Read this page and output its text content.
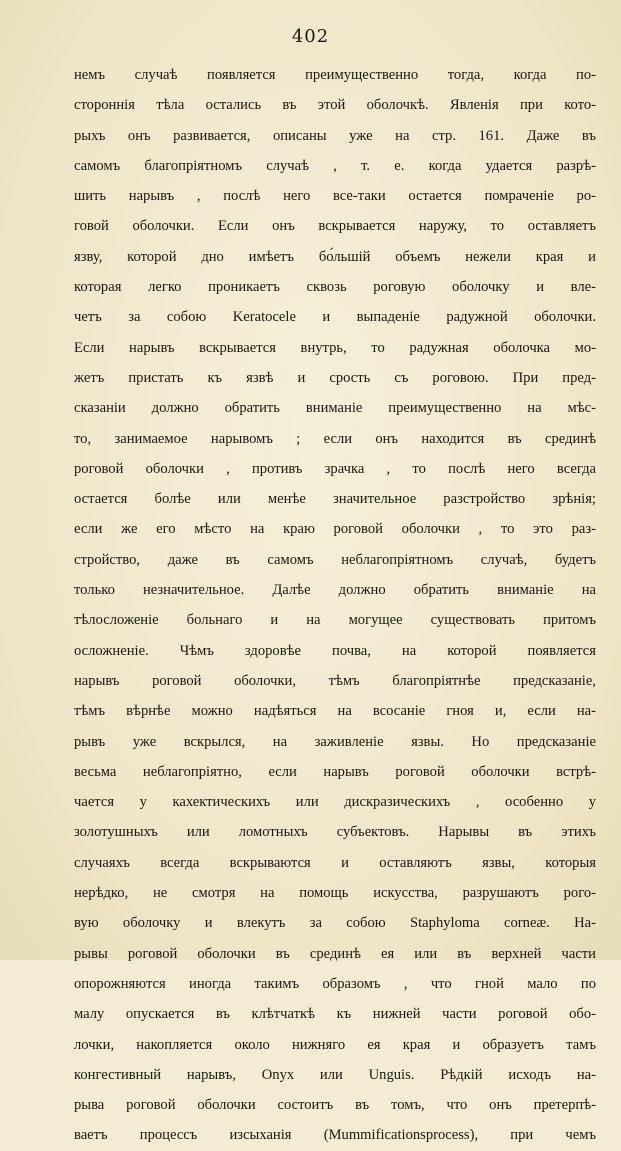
402
немъ случаѣ появляется преимущественно тогда, когда по-
стороннія тѣла остались въ этой оболочкѣ. Явленія при кото-
рыхъ онъ развивается, описаны уже на стр. 161. Даже въ
самомъ благопріятномъ случаѣ , т. е. когда удается разрѣ-
шить нарывъ , послѣ него все-таки остается помраченіе ро-
говой оболочки. Если онъ вскрывается наружу, то оставляетъ
язву, которой дно имѣетъ бо́льшій объемъ нежели края и
которая легко проникаетъ сквозь роговую оболочку и вле-
четъ за собою Keratocele и выпаденіе радужной оболочки.
Если нарывъ вскрывается внутрь, то радужная оболочка мо-
жетъ пристать къ язвѣ и срость съ роговою. При пред-
сказаніи должно обратить вниманіе преимущественно на мѣс-
то, занимаемое нарывомъ ; если онъ находится въ срединѣ
роговой оболочки , противъ зрачка , то послѣ него всегда
остается болѣе или менѣе значительное разстройство зрѣнія;
если же его мѣсто на краю роговой оболочки , то это раз-
стройство, даже въ самомъ неблагопріятномъ случаѣ, будетъ
только незначительное. Далѣе должно обратить вниманіе на
тѣлосложеніе больнаго и на могущее существовать притомъ
осложненіе. Чѣмъ здоровѣе почва, на которой появляется
нарывъ роговой оболочки, тѣмъ благопріятнѣе предсказаніе,
тѣмъ вѣрнѣе можно надѣяться на всосаніе гноя и, если на-
рывъ уже вскрылся, на заживленіе язвы. Но предсказаніе
весьма неблагопріятно, если нарывъ роговой оболочки встрѣ-
чается у кахектическихъ или дискразическихъ , особенно у
золотушныхъ или ломотныхъ субъектовъ. Нарывы въ этихъ
случаяхъ всегда вскрываются и оставляютъ язвы, которыя
нерѣдко, не смотря на помощь искусства, разрушаютъ рого-
вую оболочку и влекутъ за собою Staphyloma corneæ. На-
рывы роговой оболочки въ срединѣ ея или въ верхней части
опорожняются иногда такимъ образомъ , что гной мало по
малу опускается въ клѣтчаткѣ къ нижней части роговой обо-
лочки, накопляется около нижняго ея края и образуетъ тамъ
конгестивный нарывъ, Onyx или Unguis. Рѣдкій исходъ на-
рыва роговой оболочки состоитъ въ томъ, что онъ претерпѣ-
ваетъ процессъ изсыханія (Mummificationsprocess), при чемъ
